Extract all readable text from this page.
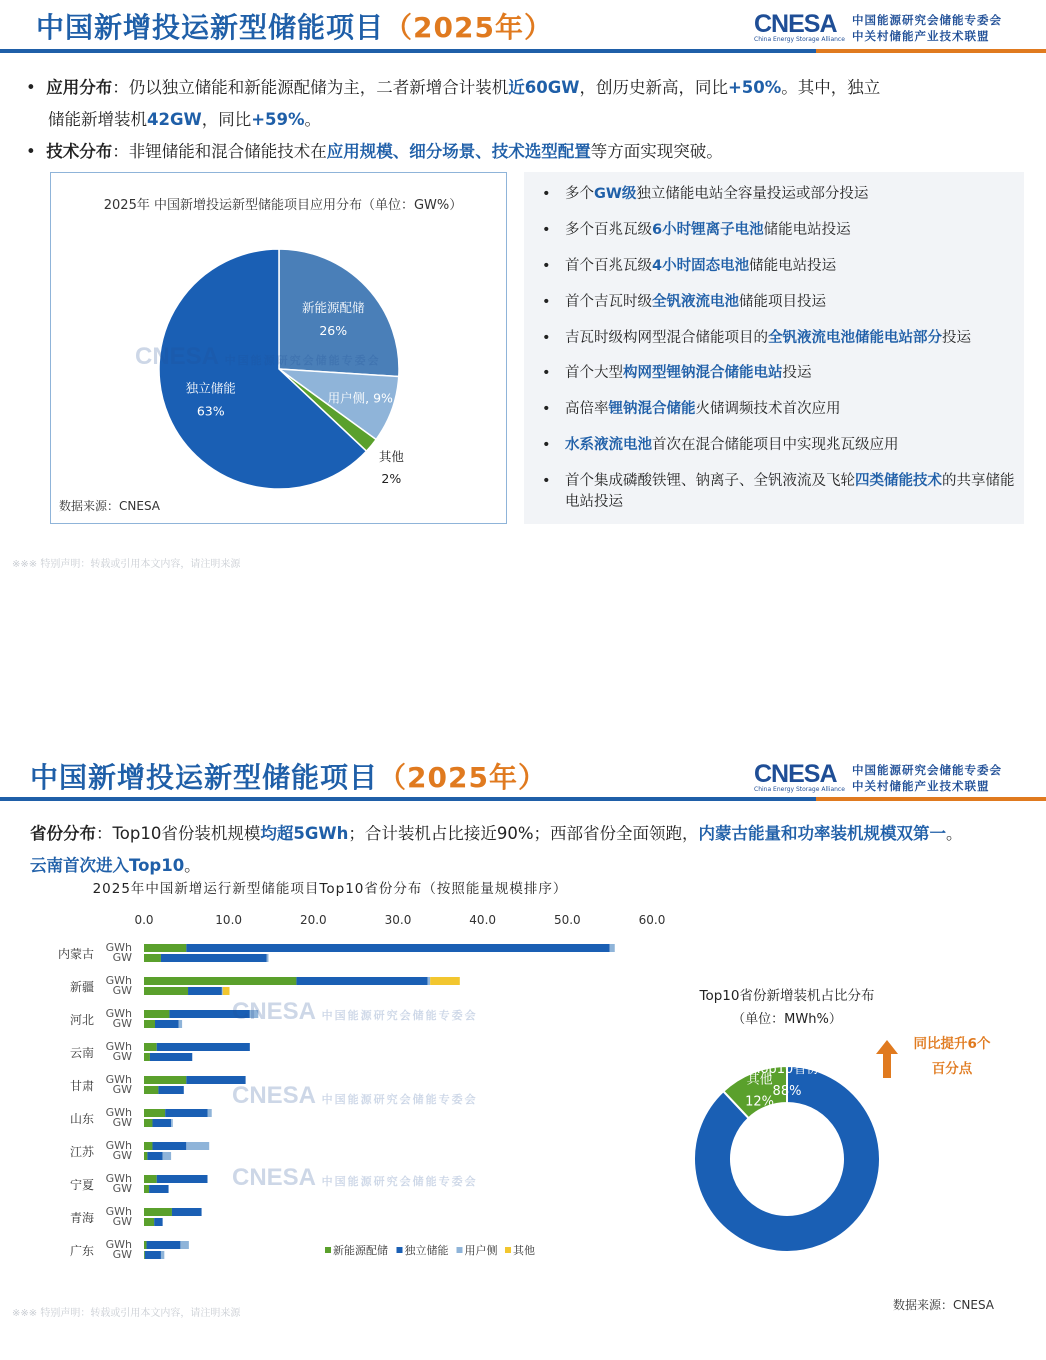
中国新增投运新型储能项目（2025年）	CNESA
China Energy Storage Alliance
中国能源研究会储能专委会
中关村储能产业技术联盟
• 应用分布：仍以独立储能和新能源配储为主，二者新增合计装机近60GW，创历史新高，同比+50%。其中，独立
储能新增装机42GW，同比+59%。
• 技术分布：非锂储能和混合储能技术在应用规模、细分场景、技术选型配置等方面实现突破。
2025年 中国新增投运新型储能项目应用分布（单位：GW%）
新能源配储
26%
用户侧, 9%
其他
2%
独立储能
63%
CNESA 中国能源研究会储能专委会
数据来源：CNESA
• 多个GW级独立储能电站全容量投运或部分投运
• 多个百兆瓦级6小时锂离子电池储能电站投运
• 首个百兆瓦级4小时固态电池储能电站投运
• 首个吉瓦时级全钒液流电池储能项目投运
• 吉瓦时级构网型混合储能项目的全钒液流电池储能电站部分投运
• 首个大型构网型锂钠混合储能电站投运
• 高倍率锂钠混合储能火储调频技术首次应用
• 水系液流电池首次在混合储能项目中实现兆瓦级应用
• 首个集成磷酸铁锂、钠离子、全钒液流及飞轮四类储能技术的共享储能电站投运
※※※ 特别声明：转载或引用本文内容，请注明来源
中国新增投运新型储能项目（2025年）	CNESA
China Energy Storage Alliance
中国能源研究会储能专委会
中关村储能产业技术联盟
省份分布：Top10省份装机规模均超5GWh；合计装机占比接近90%；西部省份全面领跑，内蒙古能量和功率装机规模双第一。
云南首次进入Top10。
2025年中国新增运行新型储能项目Top10省份分布（按照能量规模排序）
0.0	10.0	20.0	30.0	40.0	50.0	60.0
内蒙古 GWh
GW
新疆 GWh
GW
河北 GWh
GW
云南 GWh
GW
甘肃 GWh
GW
山东 GWh
GW
江苏 GWh
GW
宁夏 GWh
GW
青海 GWh
GW
广东 GWh
GW	新能源配储 独立储能 用户侧 其他
CNESA 中国能源研究会储能专委会
CNESA 中国能源研究会储能专委会
CNESA 中国能源研究会储能专委会
Top10省份新增装机占比分布
（单位：MWh%）
Top10省份
88%
其他
12%
同比提升6个百分点
数据来源：CNESA
※※※ 特别声明：转载或引用本文内容，请注明来源
